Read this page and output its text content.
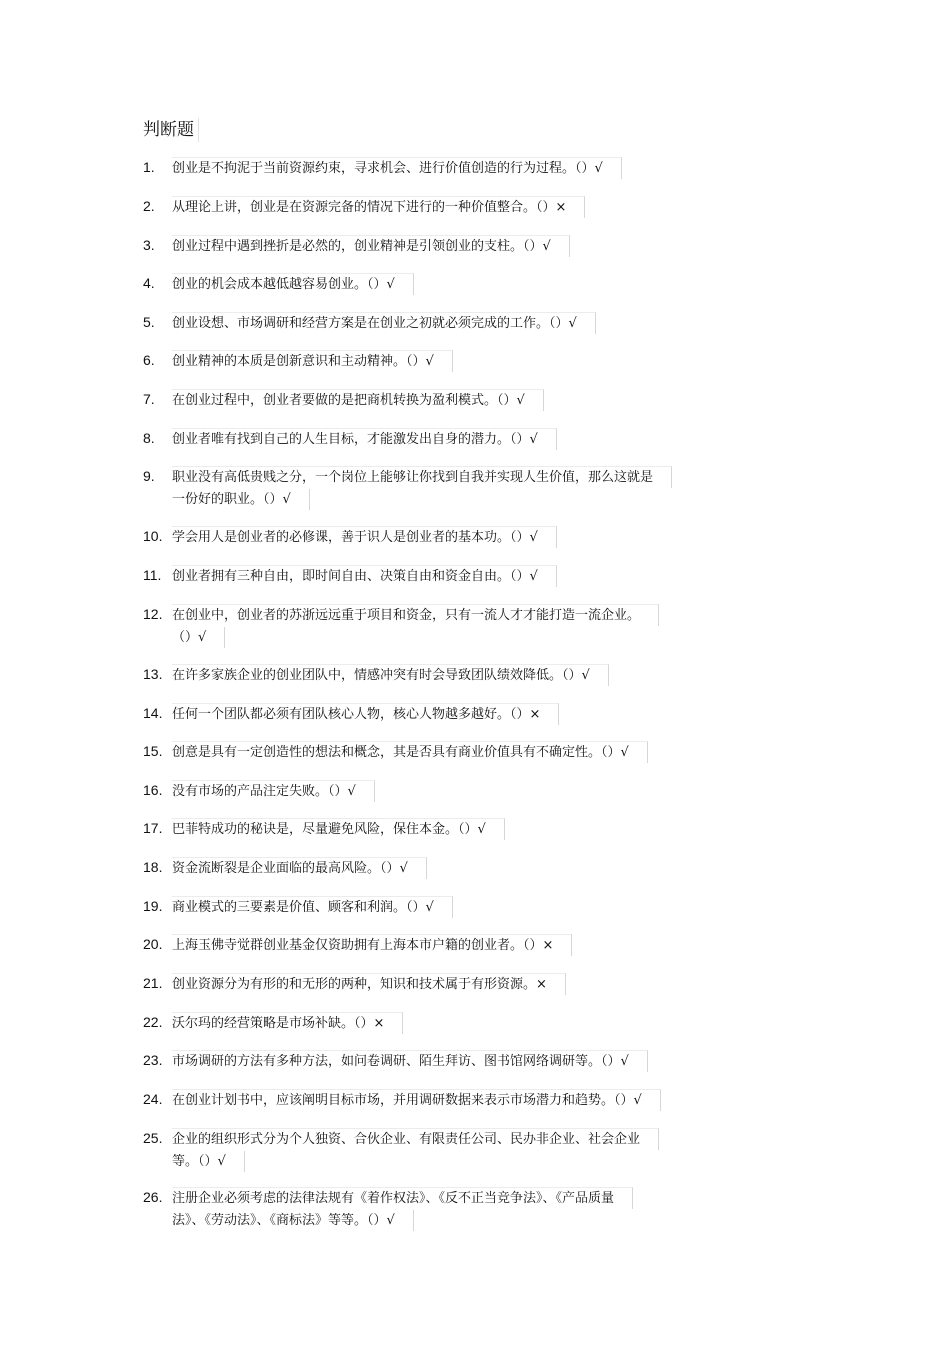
判断题
1.	创业是不拘泥于当前资源约束，寻求机会、进行价值创造的行为过程。（）√
2.	从理论上讲，创业是在资源完备的情况下进行的一种价值整合。（）×
3.	创业过程中遇到挫折是必然的，创业精神是引领创业的支柱。（）√
4.	创业的机会成本越低越容易创业。（）√
5.	创业设想、市场调研和经营方案是在创业之初就必须完成的工作。（）√
6.	创业精神的本质是创新意识和主动精神。（）√
7.	在创业过程中，创业者要做的是把商机转换为盈利模式。（）√
8.	创业者唯有找到自己的人生目标，才能激发出自身的潜力。（）√
9.	职业没有高低贵贱之分，一个岗位上能够让你找到自我并实现人生价值，那么这就是
一份好的职业。（）√
10. 学会用人是创业者的必修课，善于识人是创业者的基本功。（）√
11. 创业者拥有三种自由，即时间自由、决策自由和资金自由。（）√
12. 在创业中，创业者的苏浙远远重于项目和资金，只有一流人才才能打造一流企业。
（）√
13. 在许多家族企业的创业团队中，情感冲突有时会导致团队绩效降低。（）√
14. 任何一个团队都必须有团队核心人物，核心人物越多越好。（）×
15. 创意是具有一定创造性的想法和概念，其是否具有商业价值具有不确定性。（）√
16. 没有市场的产品注定失败。（）√
17. 巴菲特成功的秘诀是，尽量避免风险，保住本金。（）√
18. 资金流断裂是企业面临的最高风险。（）√
19. 商业模式的三要素是价值、顾客和利润。（）√
20. 上海玉佛寺觉群创业基金仅资助拥有上海本市户籍的创业者。（）×
21. 创业资源分为有形的和无形的两种，知识和技术属于有形资源。×
22. 沃尔玛的经营策略是市场补缺。（）×
23. 市场调研的方法有多种方法，如问卷调研、陌生拜访、图书馆网络调研等。（）√
24. 在创业计划书中，应该阐明目标市场，并用调研数据来表示市场潜力和趋势。（）√
25. 企业的组织形式分为个人独资、合伙企业、有限责任公司、民办非企业、社会企业
等。（）√
26. 注册企业必须考虑的法律法规有《着作权法》、《反不正当竞争法》、《产品质量
法》、《劳动法》、《商标法》等等。（）√
